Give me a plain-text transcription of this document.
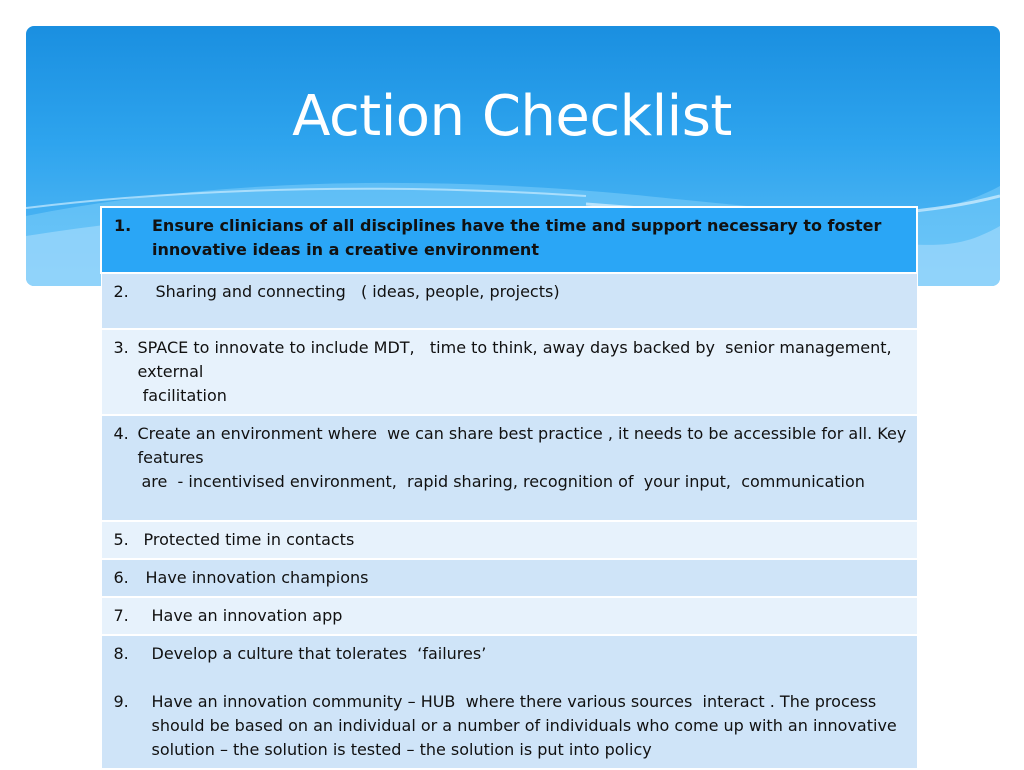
Action Checklist
1.	Ensure clinicians of all disciplines have the time and support necessary to foster innovative ideas in a creative environment

2.	Sharing and connecting   ( ideas, people, projects)

3. SPACE to innovate to include MDT,   time to think, away days backed by  senior management, external
facilitation

4. Create an environment where  we can share best practice , it needs to be accessible for all. Key features
are  - incentivised environment,  rapid sharing, recognition of  your input,  communication

5. Protected time in contacts

6.	Have innovation champions

7.	Have an innovation app

8.	Develop a culture that tolerates  ‘failures’
9.	Have an innovation community – HUB  where there various sources  interact . The process should be based on an individual or a number of individuals who come up with an innovative solution – the solution is tested – the solution is put into policy
